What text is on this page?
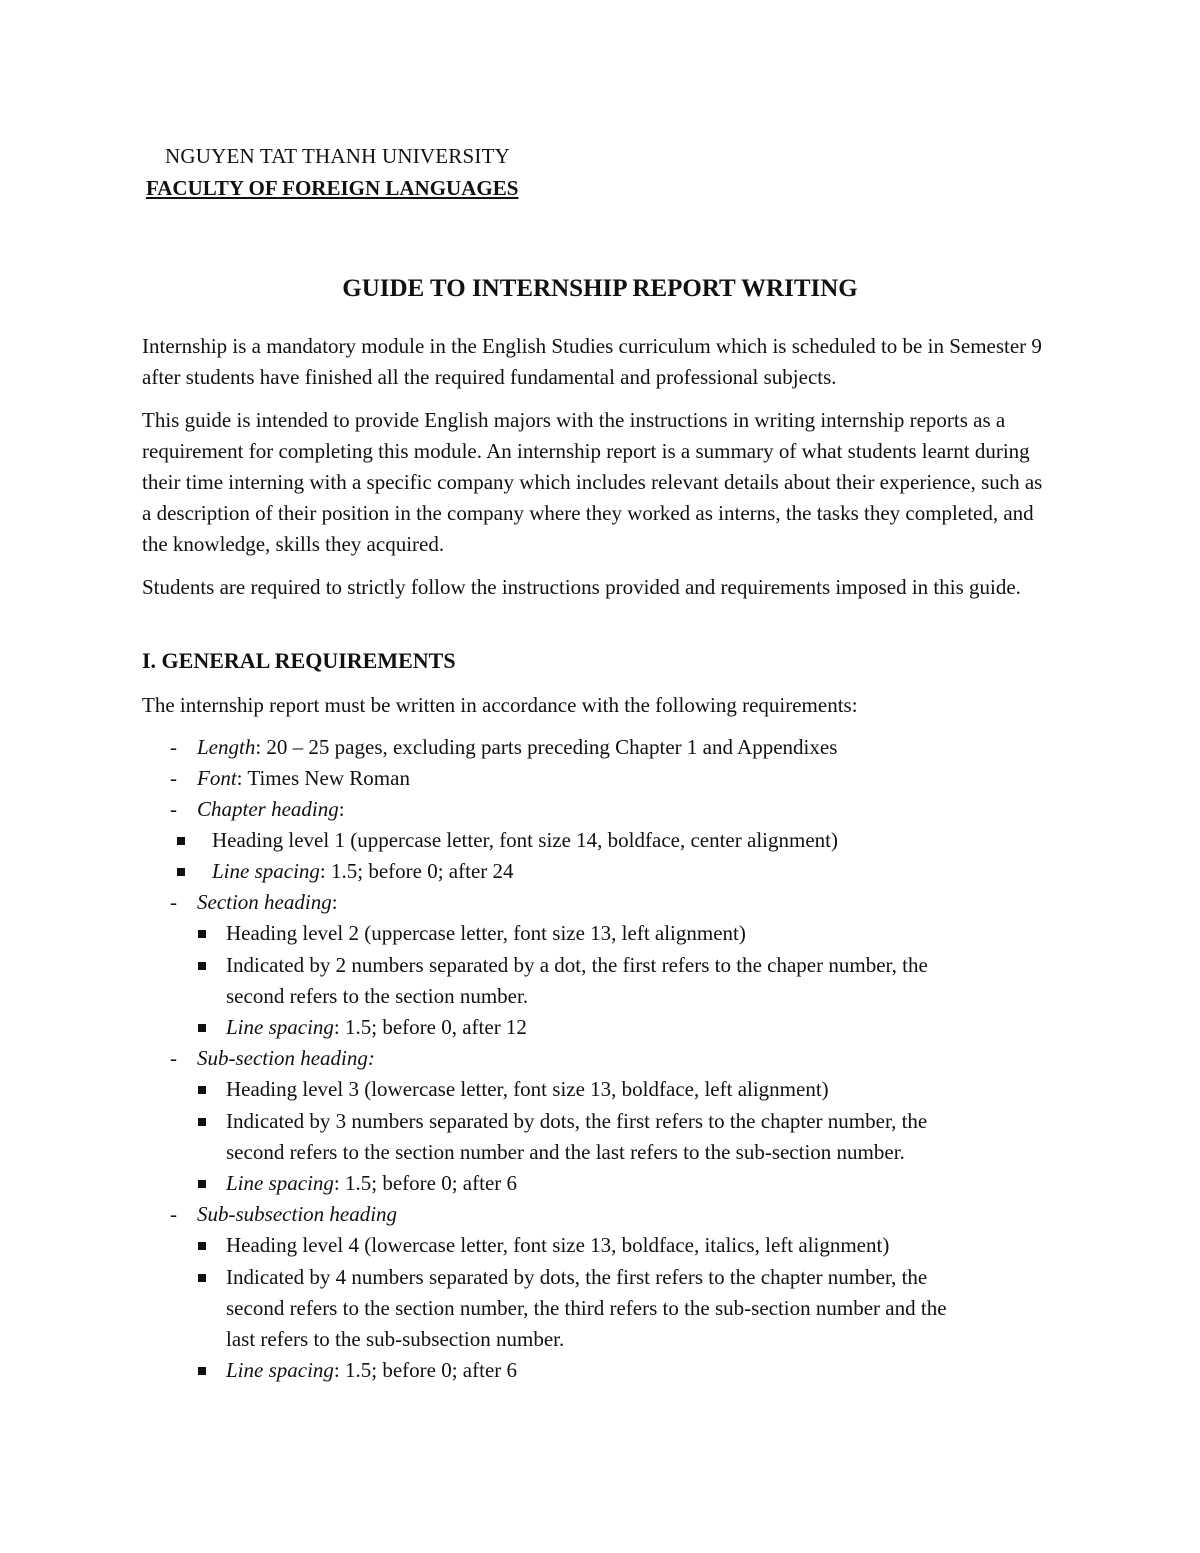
NGUYEN TAT THANH UNIVERSITY
FACULTY OF FOREIGN LANGUAGES
GUIDE TO INTERNSHIP REPORT WRITING
Internship is a mandatory module in the English Studies curriculum which is scheduled to be in Semester 9 after students have finished all the required fundamental and professional subjects.
This guide is intended to provide English majors with the instructions in writing internship reports as a requirement for completing this module. An internship report is a summary of what students learnt during their time interning with a specific company which includes relevant details about their experience, such as a description of their position in the company where they worked as interns, the tasks they completed, and the knowledge, skills they acquired.
Students are required to strictly follow the instructions provided and requirements imposed in this guide.
I. GENERAL REQUIREMENTS
The internship report must be written in accordance with the following requirements:
- Length: 20 – 25 pages, excluding parts preceding Chapter 1 and Appendixes
- Font: Times New Roman
- Chapter heading:
Heading level 1 (uppercase letter, font size 14, boldface, center alignment)
Line spacing: 1.5; before 0; after 24
- Section heading:
Heading level 2 (uppercase letter, font size 13, left alignment)
Indicated by 2 numbers separated by a dot, the first refers to the chaper number, the
second refers to the section number.
Line spacing: 1.5; before 0, after 12
- Sub-section heading:
Heading level 3 (lowercase letter, font size 13, boldface, left alignment)
Indicated by 3 numbers separated by dots, the first refers to the chapter number, the
second refers to the section number and the last refers to the sub-section number.
Line spacing: 1.5; before 0; after 6
- Sub-subsection heading
Heading level 4 (lowercase letter, font size 13, boldface, italics, left alignment)
Indicated by 4 numbers separated by dots, the first refers to the chapter number, the
second refers to the section number, the third refers to the sub-section number and the
last refers to the sub-subsection number.
Line spacing: 1.5; before 0; after 6
